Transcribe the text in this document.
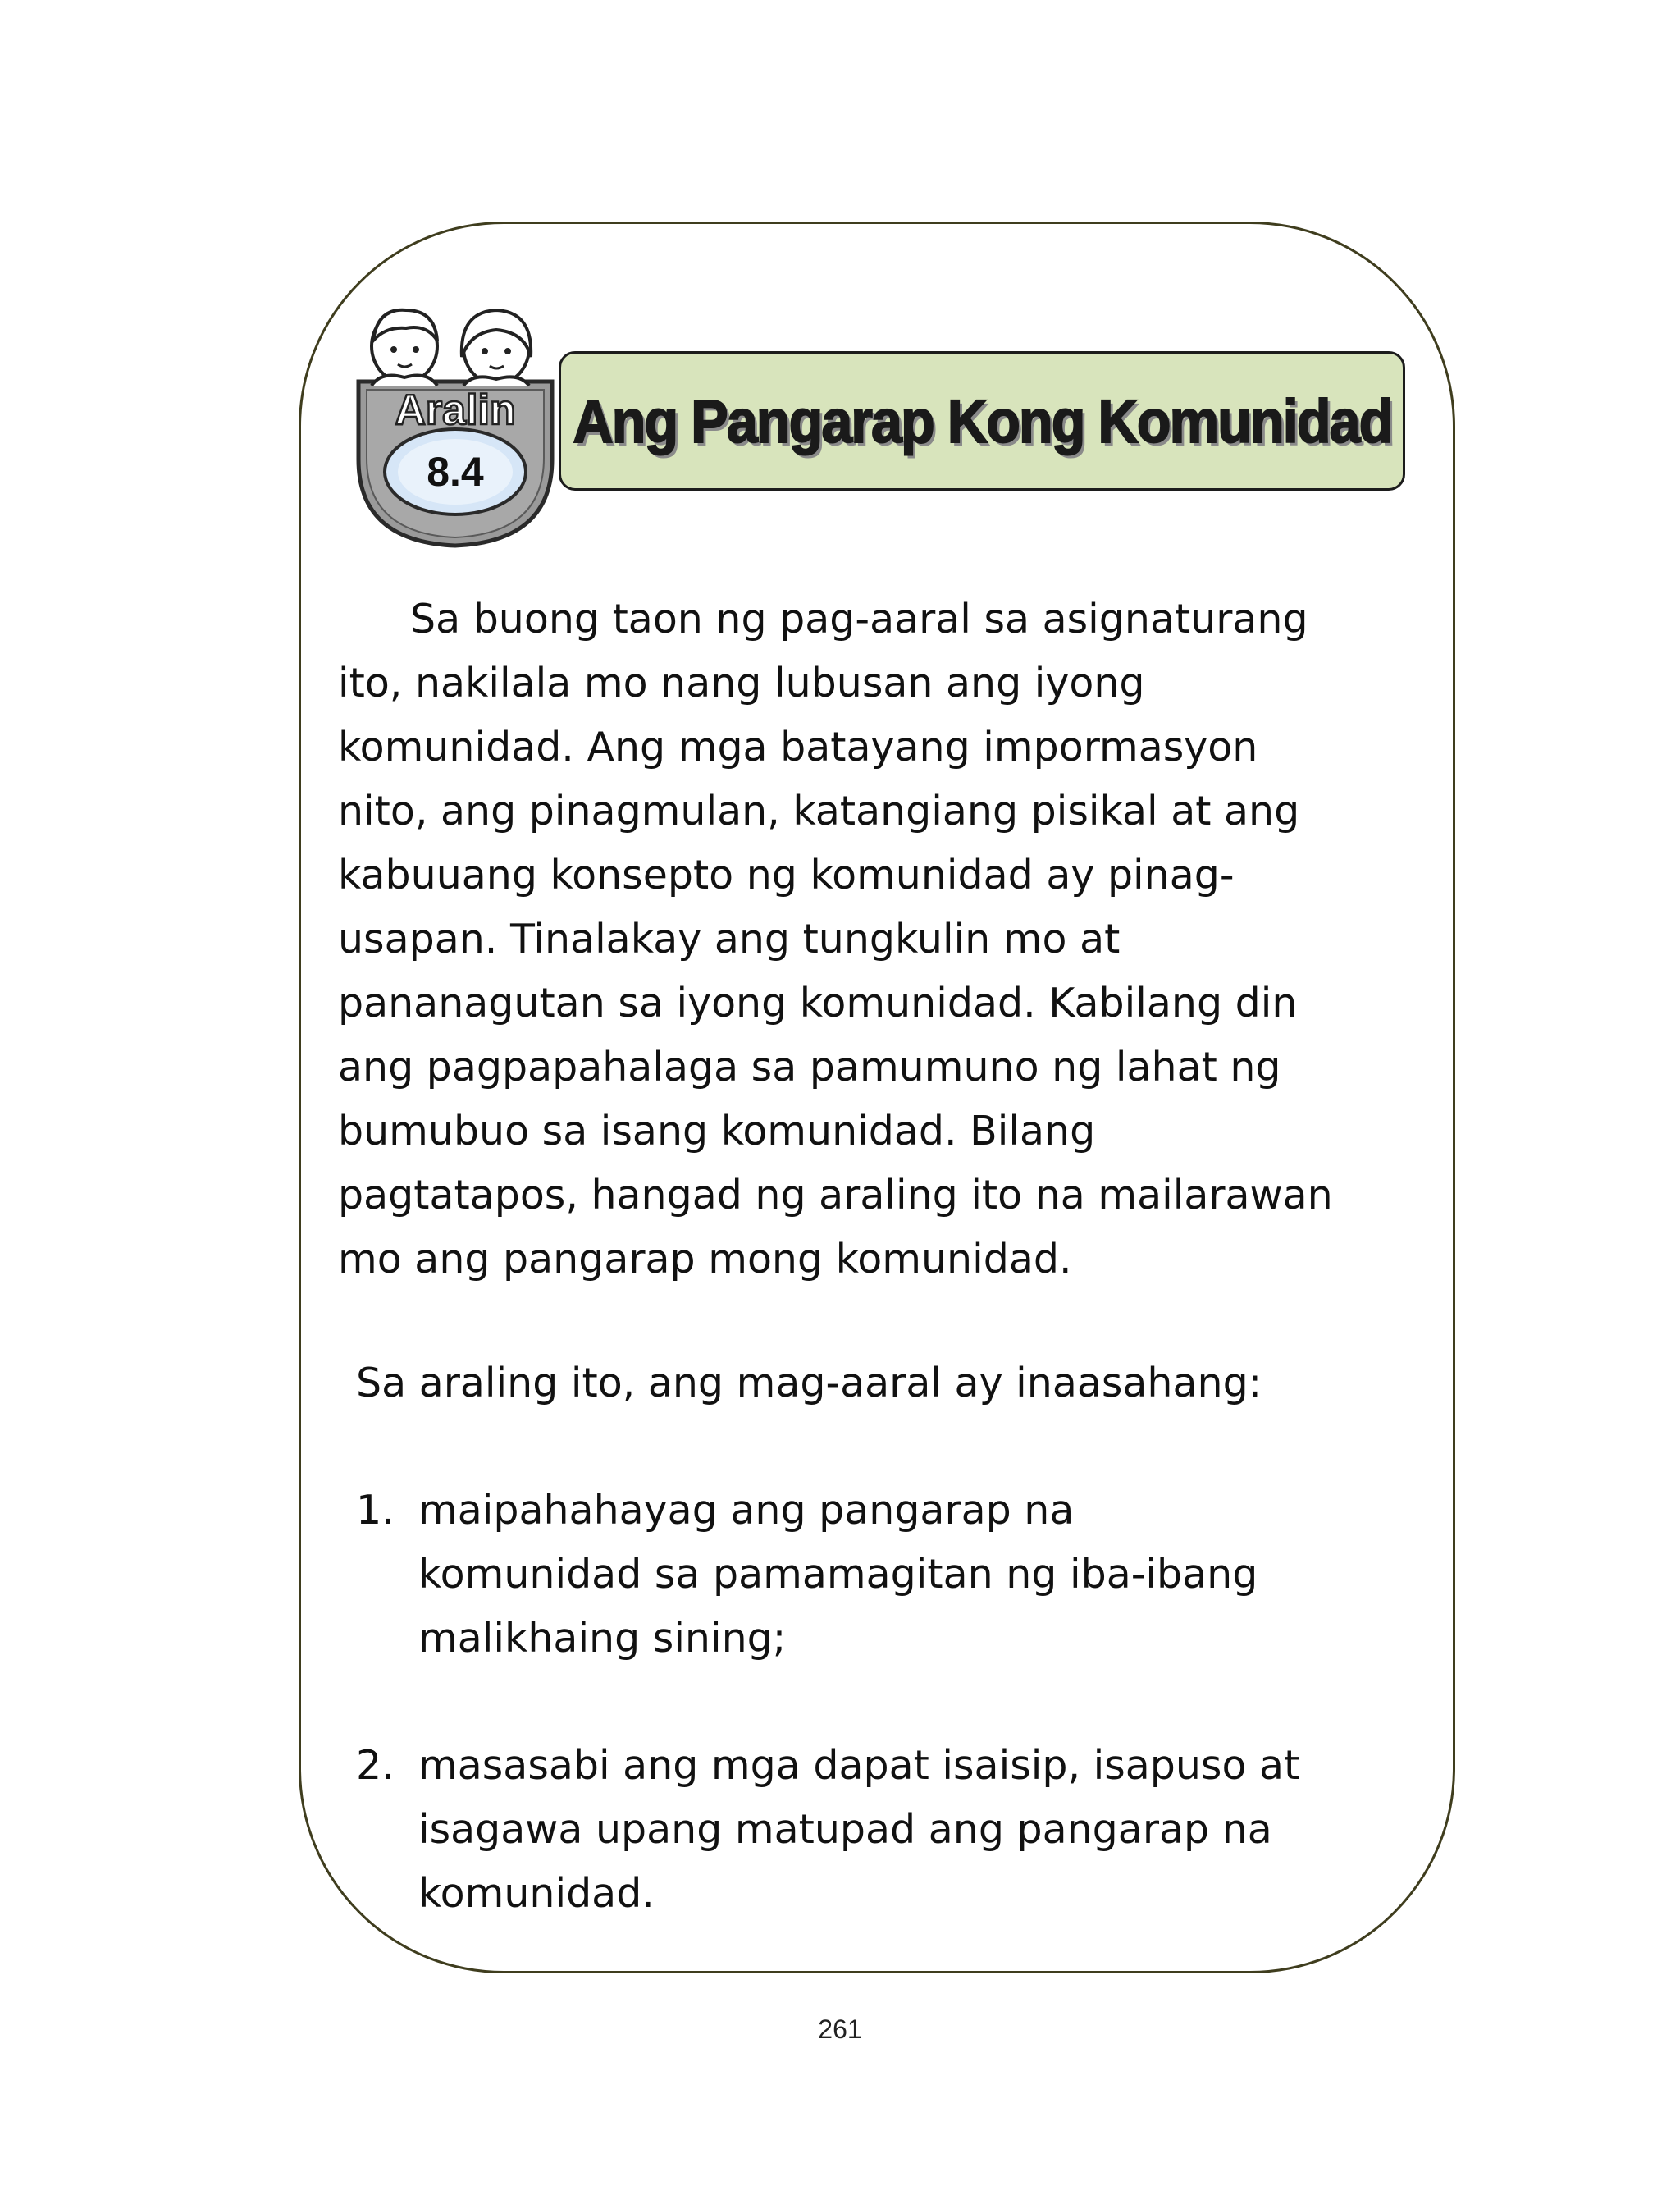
Aralin
8.4
Ang Pangarap Kong Komunidad
Sa buong taon ng pag-aaral sa asignaturang
ito, nakilala mo nang lubusan ang iyong
komunidad. Ang mga batayang impormasyon
nito, ang pinagmulan, katangiang pisikal at ang
kabuuang konsepto ng komunidad ay pinag-
usapan. Tinalakay ang tungkulin mo at
pananagutan sa iyong komunidad. Kabilang din
ang pagpapahalaga sa pamumuno ng lahat ng
bumubuo sa isang komunidad. Bilang
pagtatapos, hangad ng araling ito na mailarawan
mo ang pangarap mong komunidad.
Sa araling ito, ang mag-aaral ay inaasahang:
1. maipahahayag ang pangarap na
komunidad sa pamamagitan ng iba-ibang
malikhaing sining;
2. masasabi ang mga dapat isaisip, isapuso at
isagawa upang matupad ang pangarap na
komunidad.
261
